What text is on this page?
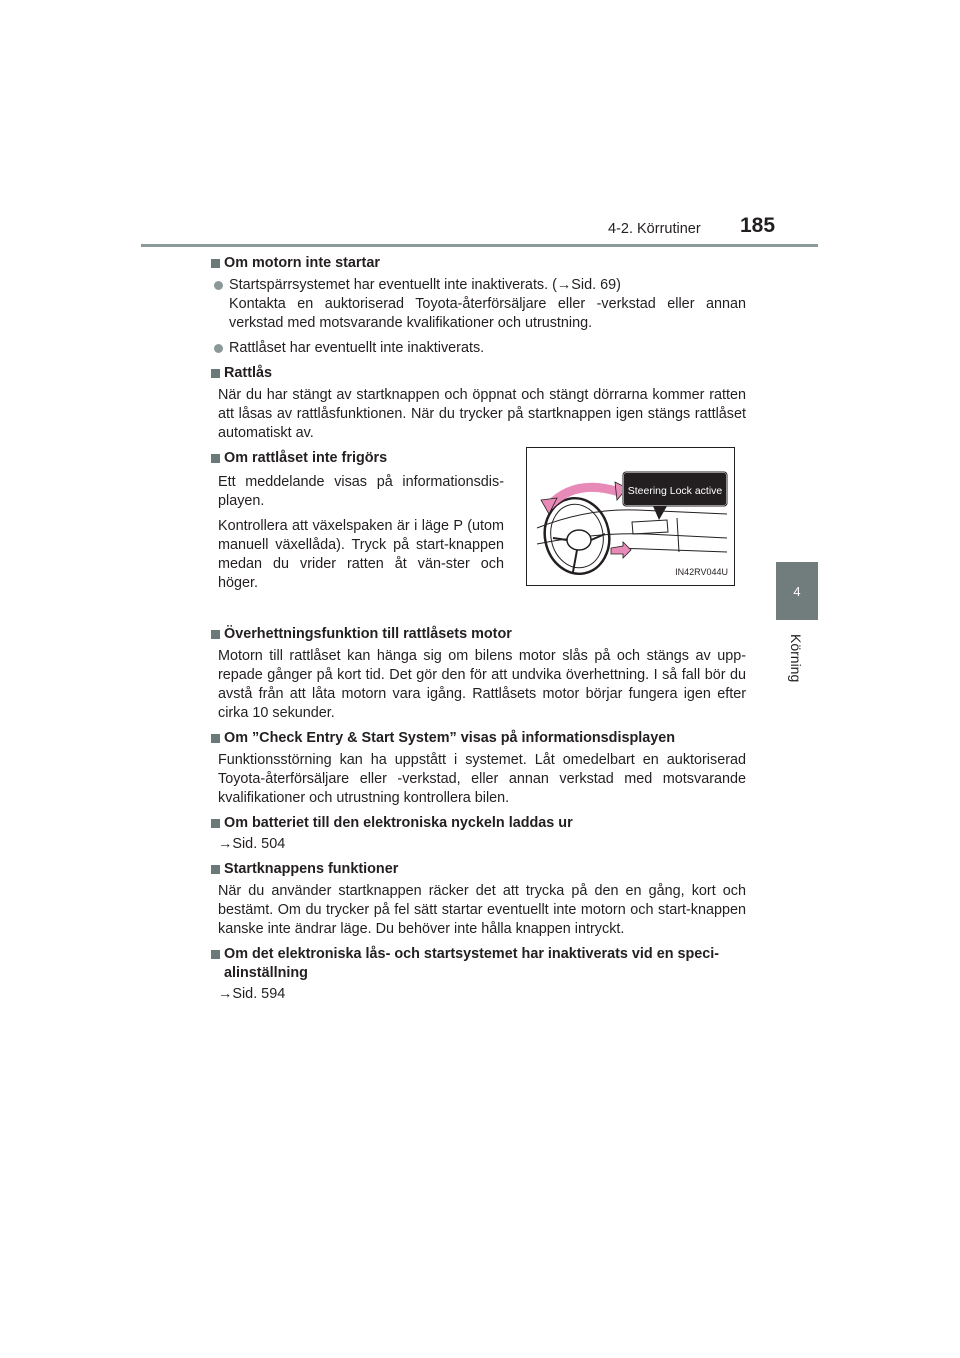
4-2. Körrutiner 185
4
Körning
Om motorn inte startar

Startspärrsystemet har eventuellt inte inaktiverats. (→Sid. 69)

Kontakta en auktoriserad Toyota-återförsäljare eller -verkstad eller annan verkstad med motsvarande kvalifikationer och utrustning.

Rattlåset har eventuellt inte inaktiverats.

Rattlås
När du har stängt av startknappen och öppnat och stängt dörrarna kommer ratten att låsas av rattlåsfunktionen. När du trycker på startknappen igen stängs rattlåset automatiskt av.
Om rattlåset inte frigörs

Ett meddelande visas på informationsdis-playen.

Kontrollera att växelspaken är i läge P (utom manuell växellåda). Tryck på start-knappen medan du vrider ratten åt vän-ster och höger.

Steering Lock active
IN42RV044U
Överhettningsfunktion till rattlåsets motor
Motorn till rattlåset kan hänga sig om bilens motor slås på och stängs av upp-repade gånger på kort tid. Det gör den för att undvika överhettning. I så fall bör du avstå från att låta motorn vara igång. Rattlåsets motor börjar fungera igen efter cirka 10 sekunder.
Om ”Check Entry & Start System” visas på informationsdisplayen
Funktionsstörning kan ha uppstått i systemet. Låt omedelbart en auktoriserad Toyota-återförsäljare eller -verkstad, eller annan verkstad med motsvarande kvalifikationer och utrustning kontrollera bilen.
Om batteriet till den elektroniska nyckeln laddas ur
→Sid. 504
Startknappens funktioner
När du använder startknappen räcker det att trycka på den en gång, kort och bestämt. Om du trycker på fel sätt startar eventuellt inte motorn och start-knappen kanske inte ändrar läge. Du behöver inte hålla knappen intryckt.
Om det elektroniska lås- och startsystemet har inaktiverats vid en speci-alinställning
→Sid. 594
